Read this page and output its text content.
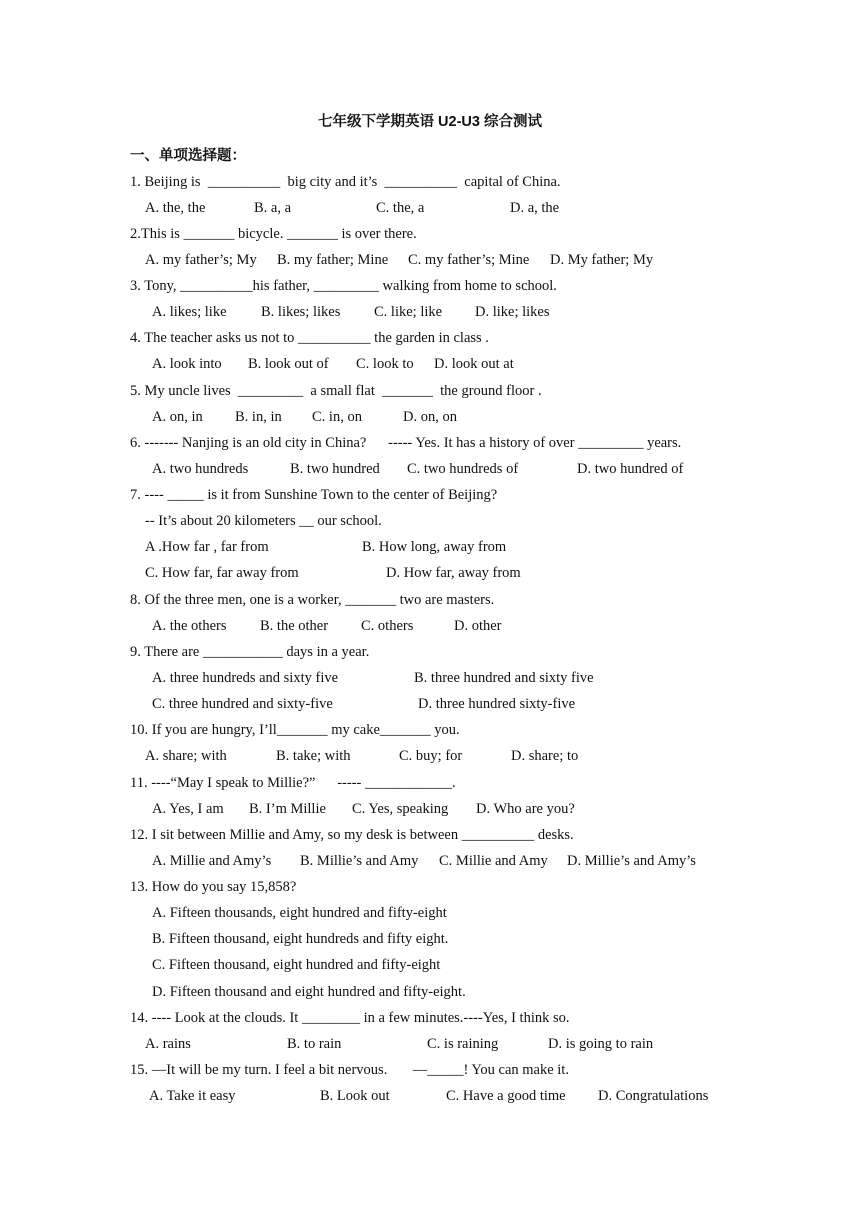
七年级下学期英语 U2-U3 综合测试
一、单项选择题：
1. Beijing is  __________  big city and it’s  __________  capital of China.
A. the, the	B. a, a	C. the, a	D. a, the
2.This is _______ bicycle. _______ is over there.
A. my father’s; My B. my father; Mine C. my father’s; Mine D. My father; My
3. Tony, __________his father, _________ walking from home to school.
A. likes; like B. likes; likes C. like; like D. like; likes
4. The teacher asks us not to __________ the garden in class .
A. look into B. look out of C. look to D. look out at
5. My uncle lives  _________  a small flat  _______  the ground floor .
A. on, in B. in, in C. in, on	D. on, on
6. ------- Nanjing is an old city in China?      ----- Yes. It has a history of over _________ years.
A. two hundreds	B. two hundred C. two hundreds of	D. two hundred of
7. ---- _____ is it from Sunshine Town to the center of Beijing?
-- It’s about 20 kilometers __ our school.
A .How far , far from	B. How long, away from
C. How far, far away from	D. How far, away from
8. Of the three men, one is a worker, _______ two are masters.
A. the others B. the other C. others	D. other
9. There are ___________ days in a year.
A. three hundreds and sixty five	B. three hundred and sixty five
C. three hundred and sixty-five	D. three hundred sixty-five
10. If you are hungry, I’ll_______ my cake_______ you.
A. share; with	B. take; with	C. buy; for	D. share; to
11. ----“May I speak to Millie?”      ----- ____________.
A. Yes, I am B. I’m Millie C. Yes, speaking D. Who are you?
12. I sit between Millie and Amy, so my desk is between __________ desks.
A. Millie and Amy’s B. Millie’s and Amy C. Millie and Amy D. Millie’s and Amy’s
13. How do you say 15,858?
A. Fifteen thousands, eight hundred and fifty-eight
B. Fifteen thousand, eight hundreds and fifty eight.
C. Fifteen thousand, eight hundred and fifty-eight
D. Fifteen thousand and eight hundred and fifty-eight.
14. ---- Look at the clouds. It ________ in a few minutes.----Yes, I think so.
A. rains	B. to rain	C. is raining	D. is going to rain
15. —It will be my turn. I feel a bit nervous.       —_____! You can make it.
A. Take it easy	B. Look out	C. Have a good time D. Congratulations
